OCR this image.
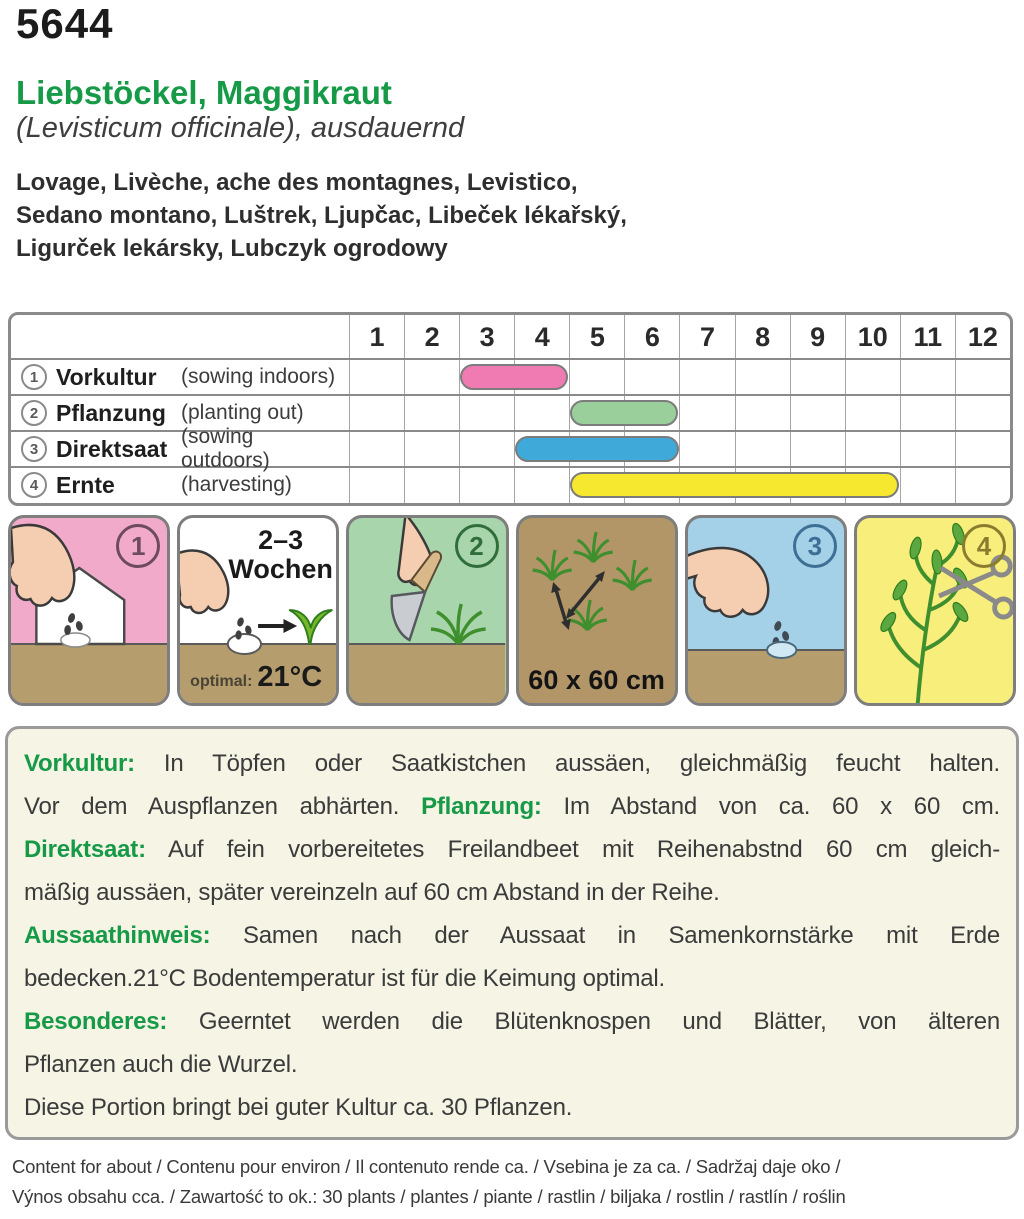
5644
Liebstöckel, Maggikraut
(Levisticum officinale), ausdauernd
Lovage, Livèche, ache des montagnes, Levistico,
Sedano montano, Luštrek, Ljupčac, Libeček lékařský,
Ligurček lekársky, Lubczyk ogrodowy
1	2	3	4	5	6	7	8	9	10 11 12
1 Vorkultur (sowing indoors)
2 Pflanzung (planting out)
3 Direktsaat (sowing outdoors)
4 Ernte	(harvesting)
1	2–3
Wochen
optimal: 21°C
2
60 x 60 cm
3	4
Vorkultur: In Töpfen oder Saatkistchen aussäen, gleichmäßig feucht halten.
Vor dem Auspflanzen abhärten. Pflanzung: Im Abstand von ca. 60 x 60 cm.
Direktsaat: Auf fein vorbereitetes Freilandbeet mit Reihenabstnd 60 cm gleich-
mäßig aussäen, später vereinzeln auf 60 cm Abstand in der Reihe.
Aussaathinweis: Samen nach der Aussaat in Samenkornstärke mit Erde
bedecken.21°C Bodentemperatur ist für die Keimung optimal.
Besonderes: Geerntet werden die Blütenknospen und Blätter, von älteren
Pflanzen auch die Wurzel.
Diese Portion bringt bei guter Kultur ca. 30 Pflanzen.
Content for about / Contenu pour environ / Il contenuto rende ca. / Vsebina je za ca. / Sadržaj daje oko /
Výnos obsahu cca. / Zawartość to ok.: 30 plants / plantes / piante / rastlin / biljaka / rostlin / rastlín / roślin
